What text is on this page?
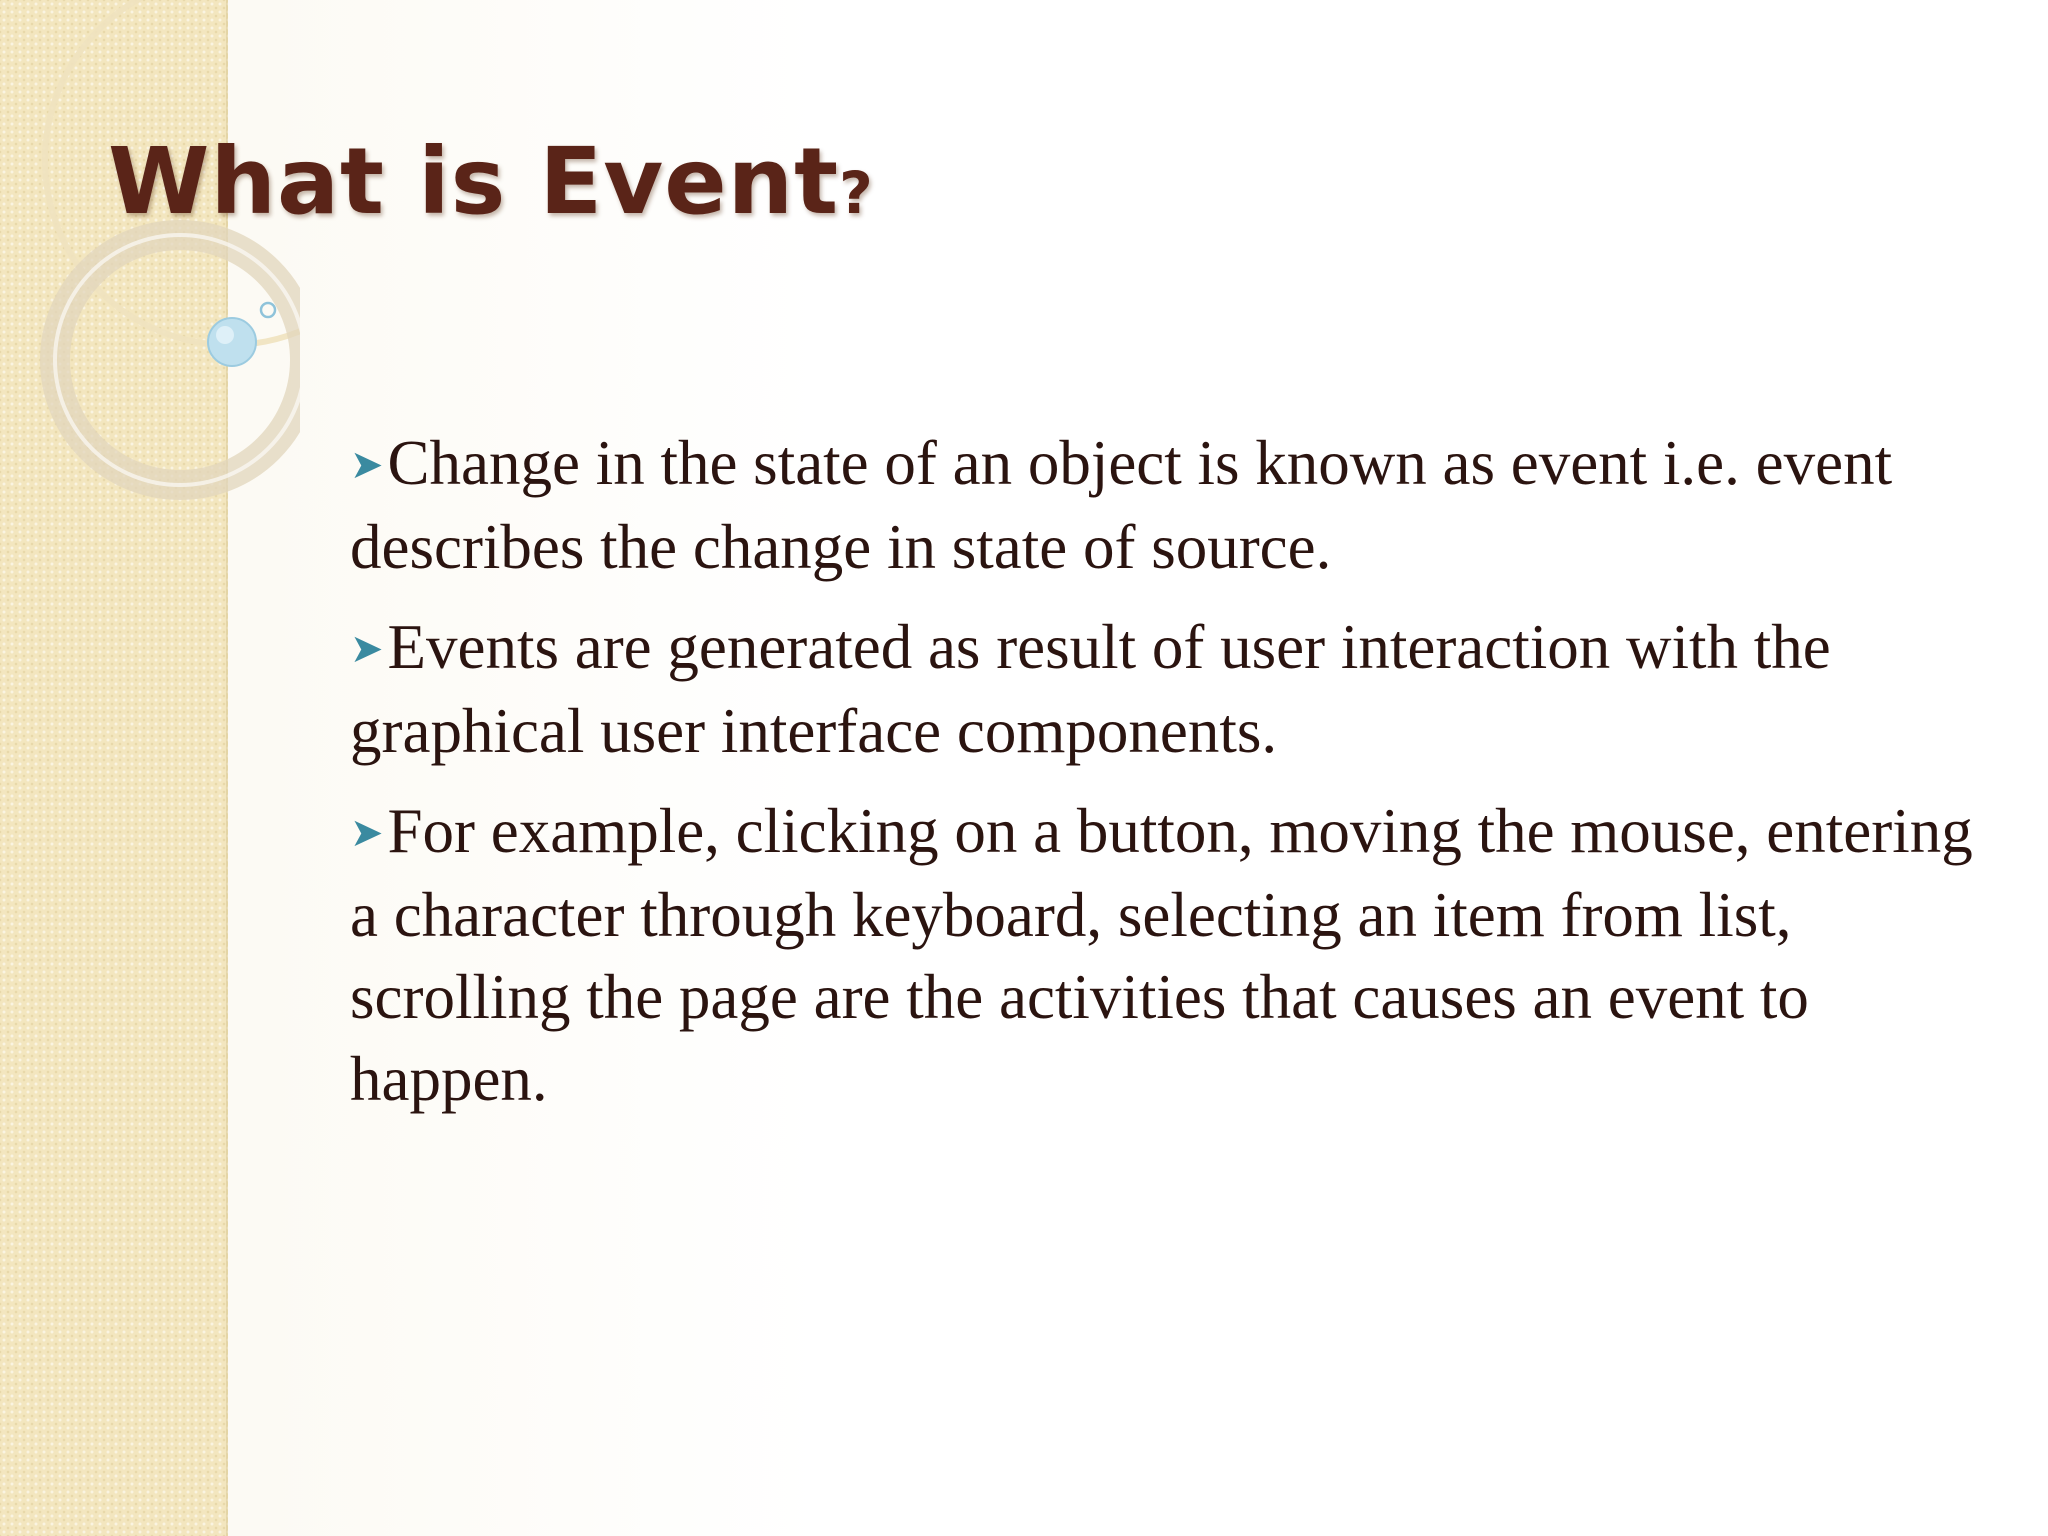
What is Event?

➤Change in the state of an object is known as event i.e. event describes the change in state of source.

➤Events are generated as result of user interaction with the graphical user interface components.

➤For example, clicking on a button, moving the mouse, entering a character through keyboard, selecting an item from list, scrolling the page are the activities that causes an event to happen.
